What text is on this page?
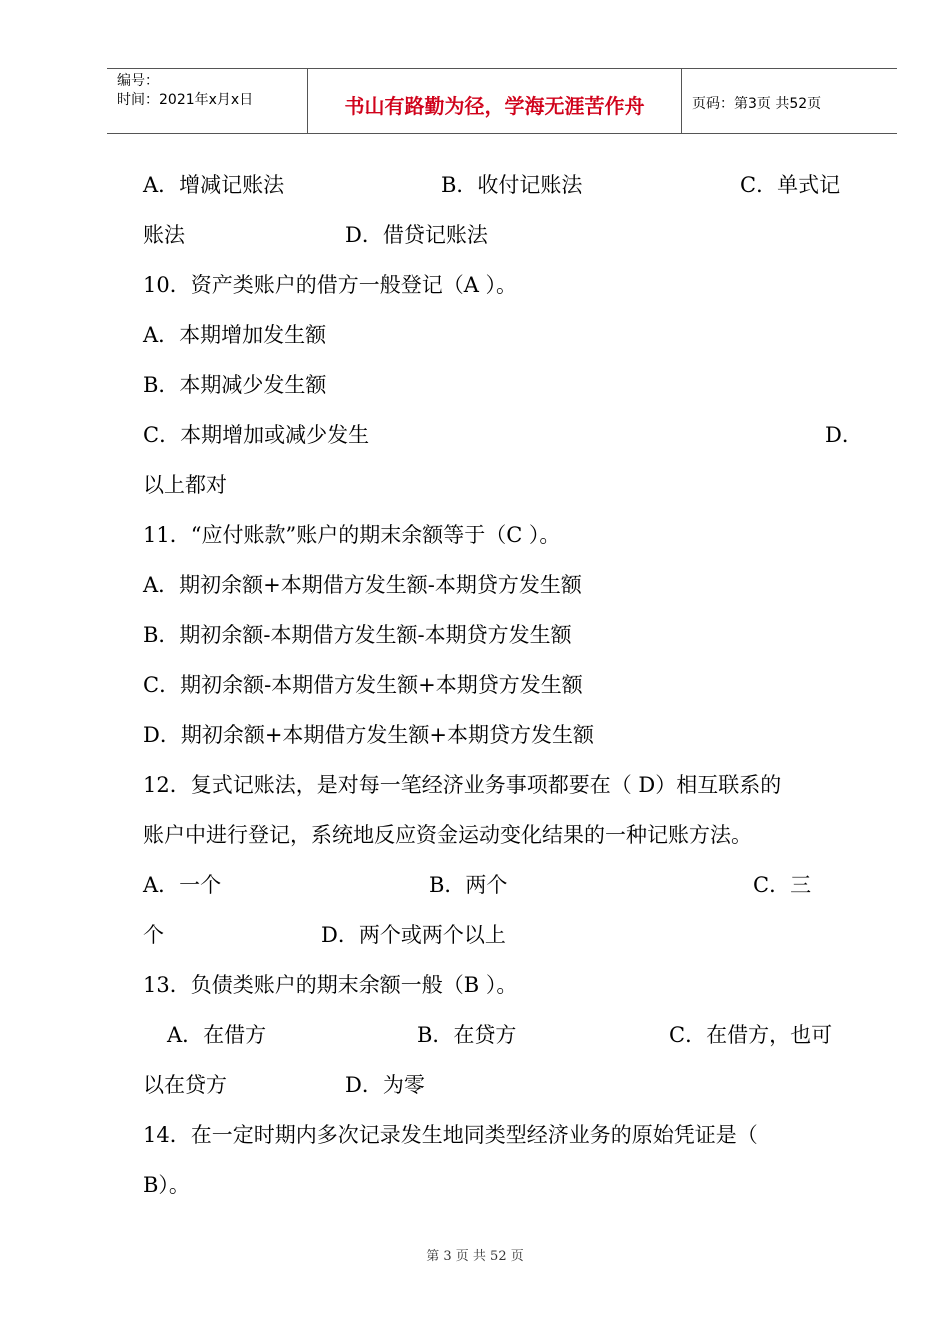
编号：
时间：2021年x月x日	书山有路勤为径，学海无涯苦作舟	页码：第3页 共52页
A．增减记账法	B．收付记账法	C．单式记
账法	D．借贷记账法
10．资产类账户的借方一般登记（A ）。
A．本期增加发生额
B．本期减少发生额
C．本期增加或减少发生	D．
以上都对
11．“应付账款”账户的期末余额等于（C ）。
A．期初余额+本期借方发生额-本期贷方发生额
B．期初余额-本期借方发生额-本期贷方发生额
C．期初余额-本期借方发生额+本期贷方发生额
D．期初余额+本期借方发生额+本期贷方发生额
12．复式记账法，是对每一笔经济业务事项都要在（ D）相互联系的
账户中进行登记，系统地反应资金运动变化结果的一种记账方法。
A．一个	B．两个	C．三
个	D．两个或两个以上
13．负债类账户的期末余额一般（B ）。
A．在借方	B．在贷方	C．在借方，也可
以在贷方	D．为零
14．在一定时期内多次记录发生地同类型经济业务的原始凭证是（
B）。
第 3 页 共 52 页
